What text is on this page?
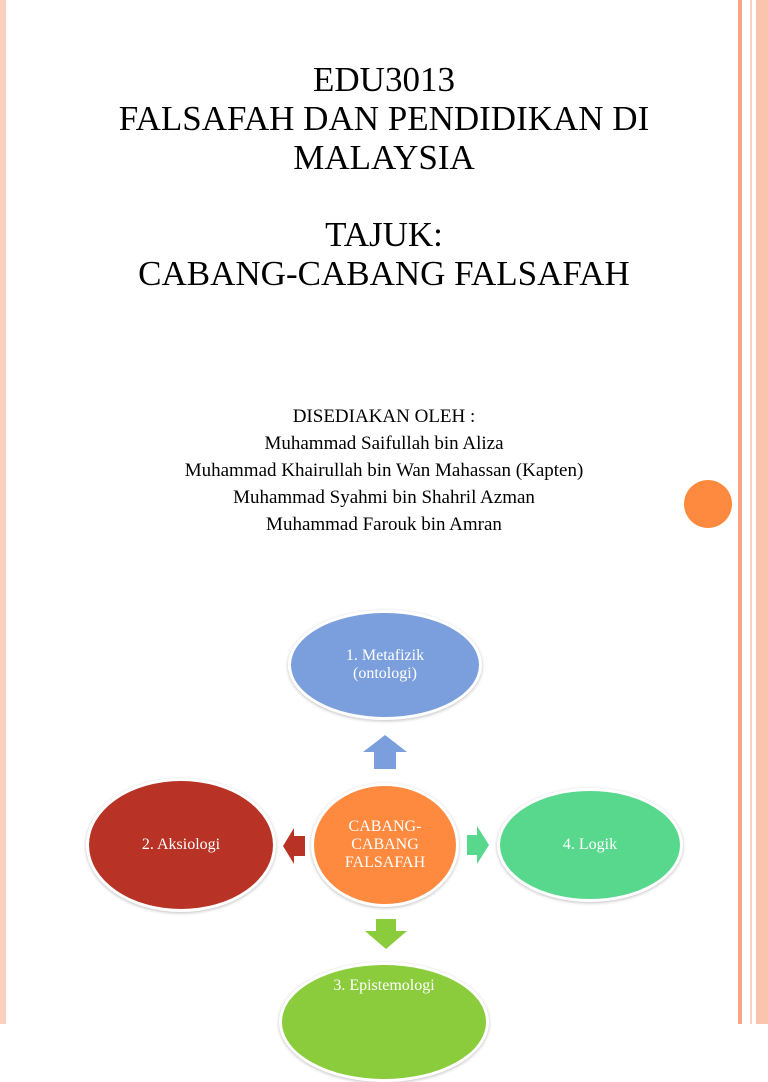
EDU3013
FALSAFAH DAN PENDIDIKAN DI
MALAYSIA
TAJUK:
CABANG-CABANG FALSAFAH
DISEDIAKAN OLEH :
Muhammad Saifullah bin Aliza
Muhammad Khairullah bin Wan Mahassan (Kapten)
Muhammad Syahmi bin Shahril Azman
Muhammad Farouk bin Amran
1. Metafizik
(ontologi)
2. Aksiologi
CABANG-
CABANG
FALSAFAH
4. Logik
3. Epistemologi
